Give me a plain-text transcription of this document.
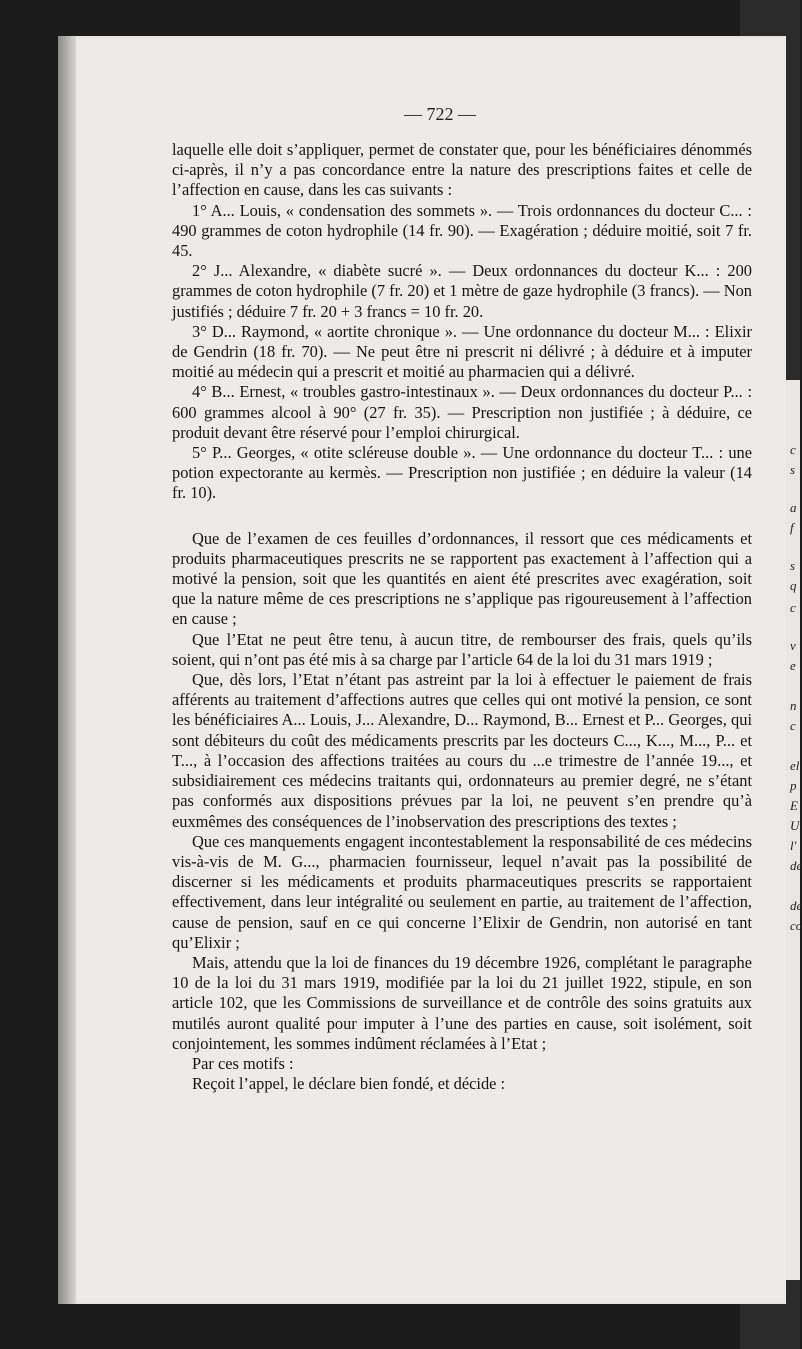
c
s
a
f
s
q
c
v
e
n
c
el
p
E
U
l'
de
de
co
— 722 —

laquelle elle doit s’appliquer, permet de constater que, pour les bénéficiaires dénommés ci-après, il n’y a pas concordance entre la nature des prescriptions faites et celle de l’affection en cause, dans les cas suivants :

1° A... Louis, « condensation des sommets ». — Trois ordonnances du docteur C... : 490 grammes de coton hydrophile (14 fr. 90). — Exagération ; déduire moitié, soit 7 fr. 45.

2° J... Alexandre, « diabète sucré ». — Deux ordonnances du docteur K... : 200 grammes de coton hydrophile (7 fr. 20) et 1 mètre de gaze hydrophile (3 francs). — Non justifiés ; déduire 7 fr. 20 + 3 francs = 10 fr. 20.

3° D... Raymond, « aortite chronique ». — Une ordonnance du docteur M... : Elixir de Gendrin (18 fr. 70). — Ne peut être ni prescrit ni délivré ; à déduire et à imputer moitié au médecin qui a prescrit et moitié au pharmacien qui a délivré.

4° B... Ernest, « troubles gastro-intestinaux ». — Deux ordonnances du docteur P... : 600 grammes alcool à 90° (27 fr. 35). — Prescription non justifiée ; à déduire, ce produit devant être réservé pour l’emploi chirurgical.

5° P... Georges, « otite scléreuse double ». — Une ordonnance du docteur T... : une potion expectorante au kermès. — Prescription non justifiée ; en déduire la valeur (14 fr. 10).

Que de l’examen de ces feuilles d’ordonnances, il ressort que ces médicaments et produits pharmaceutiques prescrits ne se rapportent pas exactement à l’affection qui a motivé la pension, soit que les quantités en aient été prescrites avec exagération, soit que la nature même de ces prescriptions ne s’applique pas rigoureusement à l’affection en cause ;

Que l’Etat ne peut être tenu, à aucun titre, de rembourser des frais, quels qu’ils soient, qui n’ont pas été mis à sa charge par l’article 64 de la loi du 31 mars 1919 ;

Que, dès lors, l’Etat n’étant pas astreint par la loi à effectuer le paiement de frais afférents au traitement d’affections autres que celles qui ont motivé la pension, ce sont les bénéficiaires A... Louis, J... Alexandre, D... Raymond, B... Ernest et P... Georges, qui sont débiteurs du coût des médicaments prescrits par les docteurs C..., K..., M..., P... et T..., à l’occasion des affections traitées au cours du ...e trimestre de l’année 19..., et subsidiairement ces médecins traitants qui, ordonnateurs au premier degré, ne s’étant pas conformés aux dispositions prévues par la loi, ne peuvent s’en prendre qu’à euxmêmes des conséquences de l’inobservation des prescriptions des textes ;

Que ces manquements engagent incontestablement la responsabilité de ces médecins vis-à-vis de M. G..., pharmacien fournisseur, lequel n’avait pas la possibilité de discerner si les médicaments et produits pharmaceutiques prescrits se rapportaient effectivement, dans leur intégralité ou seulement en partie, au traitement de l’affection, cause de pension, sauf en ce qui concerne l’Elixir de Gendrin, non autorisé en tant qu’Elixir ;

Mais, attendu que la loi de finances du 19 décembre 1926, complétant le paragraphe 10 de la loi du 31 mars 1919, modifiée par la loi du 21 juillet 1922, stipule, en son article 102, que les Commissions de surveillance et de contrôle des soins gratuits aux mutilés auront qualité pour imputer à l’une des parties en cause, soit isolément, soit conjointement, les sommes indûment réclamées à l’Etat ;

Par ces motifs :

Reçoit l’appel, le déclare bien fondé, et décide :
